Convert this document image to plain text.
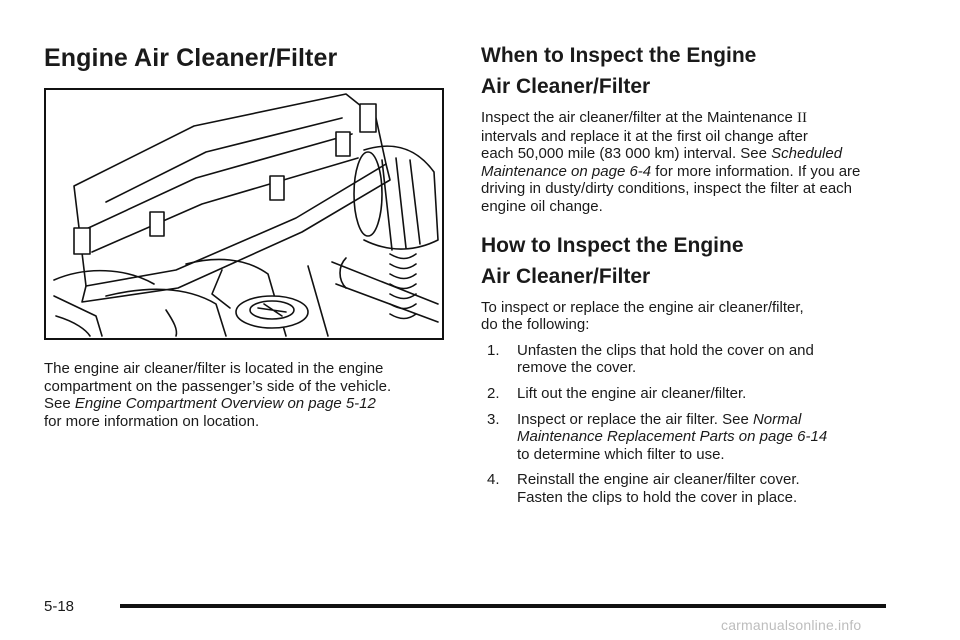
Engine Air Cleaner/Filter

The engine air cleaner/filter is located in the engine
compartment on the passenger’s side of the vehicle.
See Engine Compartment Overview on page 5-12
for more information on location.

When to Inspect the Engine
Air Cleaner/Filter

Inspect the air cleaner/filter at the Maintenance II
intervals and replace it at the first oil change after
each 50,000 mile (83 000 km) interval. See Scheduled
Maintenance on page 6-4 for more information. If you are
driving in dusty/dirty conditions, inspect the filter at each
engine oil change.

How to Inspect the Engine
Air Cleaner/Filter

To inspect or replace the engine air cleaner/filter,
do the following:

1. Unfasten the clips that hold the cover on and
remove the cover.
2. Lift out the engine air cleaner/filter.
3. Inspect or replace the air filter. See Normal
Maintenance Replacement Parts on page 6-14
to determine which filter to use.
4. Reinstall the engine air cleaner/filter cover.
Fasten the clips to hold the cover in place.
5-18
carmanualsonline.info
